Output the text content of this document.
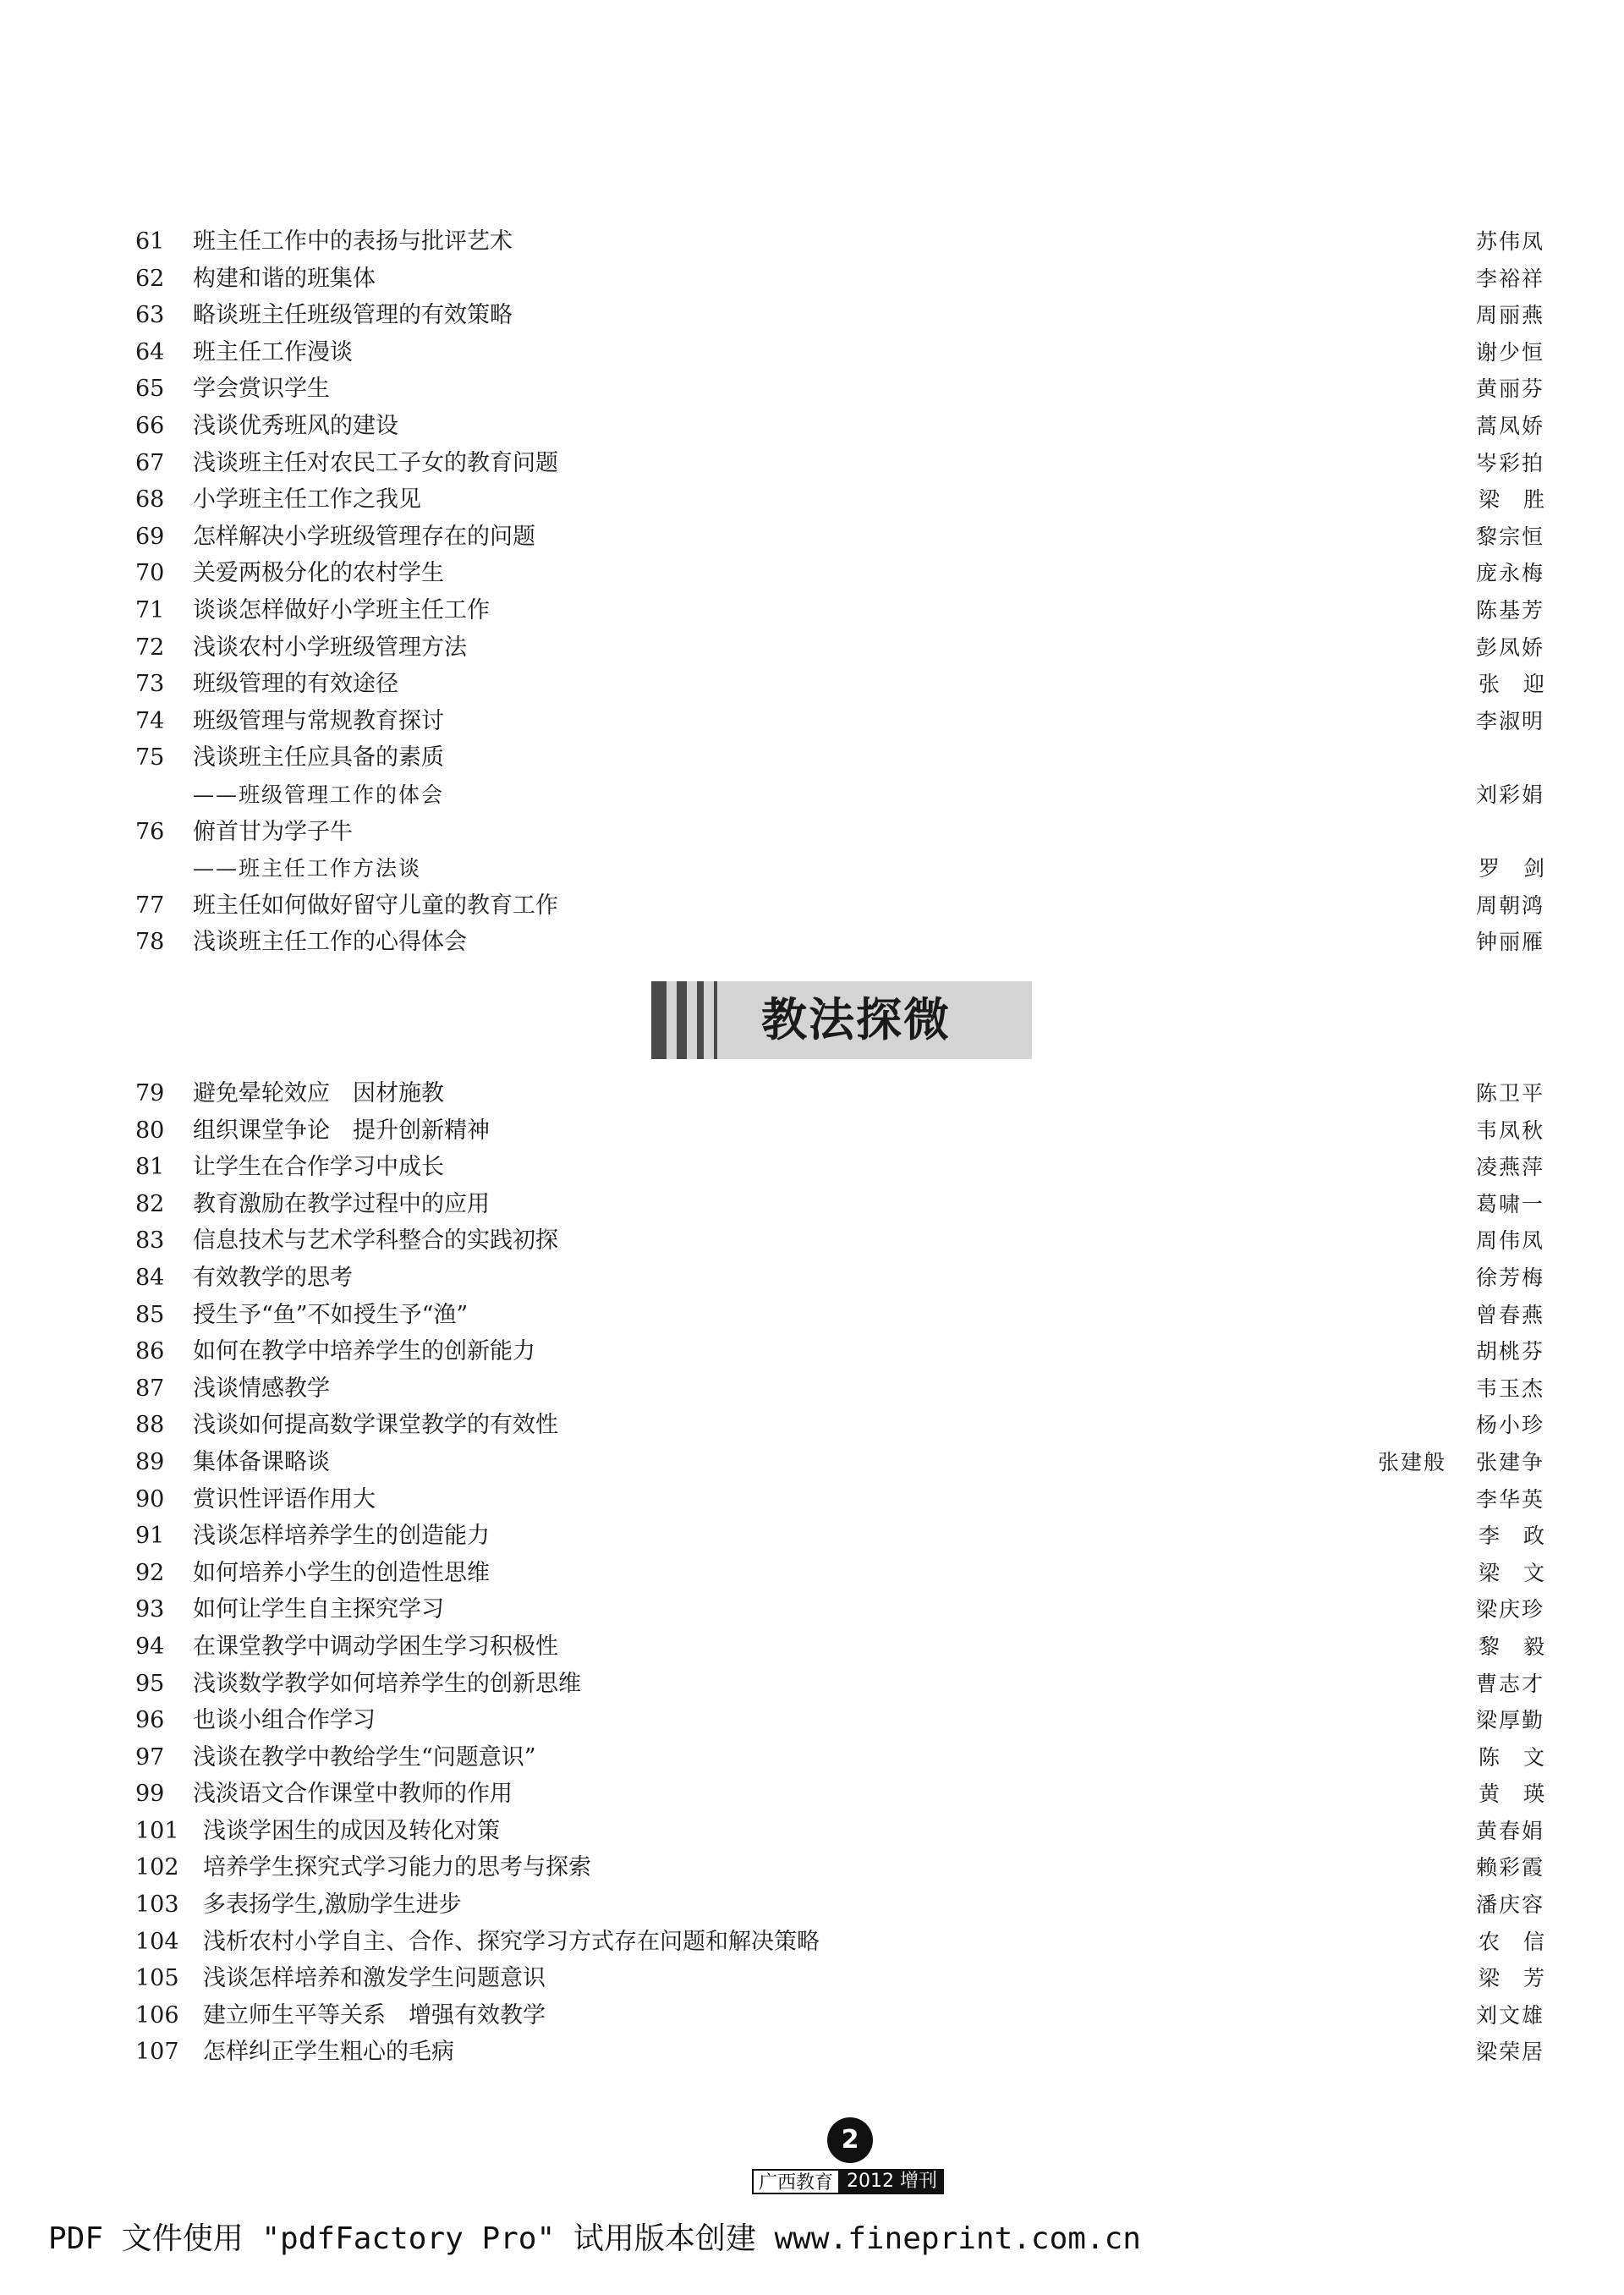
61	班主任工作中的表扬与批评艺术	苏伟凤
62	构建和谐的班集体	李裕祥
63	略谈班主任班级管理的有效策略	周丽燕
64	班主任工作漫谈	谢少恒
65	学会赏识学生	黄丽芬
66	浅谈优秀班风的建设	蒿凤娇
67	浅谈班主任对农民工子女的教育问题	岑彩拍
68	小学班主任工作之我见	梁胜
69	怎样解决小学班级管理存在的问题	黎宗恒
70	关爱两极分化的农村学生	庞永梅
71	谈谈怎样做好小学班主任工作	陈基芳
72	浅谈农村小学班级管理方法	彭凤娇
73	班级管理的有效途径	张迎
74	班级管理与常规教育探讨	李淑明
75	浅谈班主任应具备的素质
——班级管理工作的体会	刘彩娟
76	俯首甘为学子牛
——班主任工作方法谈	罗剑
77	班主任如何做好留守儿童的教育工作	周朝鸿
78	浅谈班主任工作的心得体会	钟丽雁
教法探微
79	避免晕轮效应　因材施教	陈卫平
80	组织课堂争论　提升创新精神	韦凤秋
81	让学生在合作学习中成长	凌燕萍
82	教育激励在教学过程中的应用	葛啸一
83	信息技术与艺术学科整合的实践初探	周伟凤
84	有效教学的思考	徐芳梅
85	授生予“鱼”不如授生予“渔”	曾春燕
86	如何在教学中培养学生的创新能力	胡桃芬
87	浅谈情感教学	韦玉杰
88	浅谈如何提高数学课堂教学的有效性	杨小珍
89	集体备课略谈	张建般 张建争
90	赏识性评语作用大	李华英
91	浅谈怎样培养学生的创造能力	李政
92	如何培养小学生的创造性思维	梁文
93	如何让学生自主探究学习	梁庆珍
94	在课堂教学中调动学困生学习积极性	黎毅
95	浅谈数学教学如何培养学生的创新思维	曹志才
96	也谈小组合作学习	梁厚勤
97	浅谈在教学中教给学生“问题意识”	陈文
99	浅淡语文合作课堂中教师的作用	黄瑛
101	浅谈学困生的成因及转化对策	黄春娟
102	培养学生探究式学习能力的思考与探索	赖彩霞
103	多表扬学生,激励学生进步	潘庆容
104	浅析农村小学自主、合作、探究学习方式存在问题和解决策略	农信
105	浅谈怎样培养和激发学生问题意识	梁芳
106	建立师生平等关系　增强有效教学	刘文雄
107	怎样纠正学生粗心的毛病	梁荣居
2
广西教育 2012 增刊
PDF 文件使用 "pdfFactory Pro" 试用版本创建 www.fineprint.com.cn
